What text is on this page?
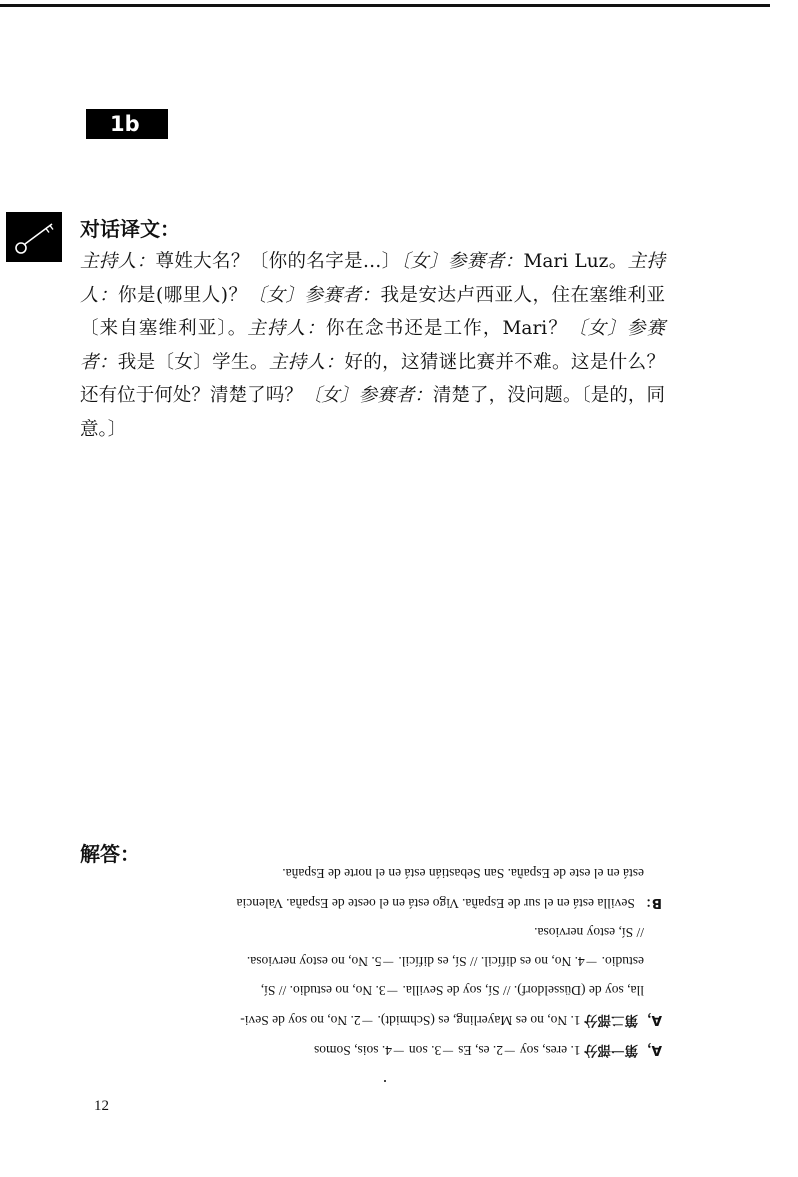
1b
对话译文：

主持人：尊姓大名？〔你的名字是…〕〔女〕参赛者：Mari Luz。主持人：你是(哪里人)？〔女〕参赛者：我是安达卢西亚人，住在塞维利亚〔来自塞维利亚〕。主持人：你在念书还是工作，Mari？〔女〕参赛者：我是〔女〕学生。主持人：好的，这猜谜比赛并不难。这是什么？还有位于何处？清楚了吗？〔女〕参赛者：清楚了，没问题。〔是的，同意。〕

解答：

A，第一部分 1. eres, soy －2. es, Es －3. son －4. sois, Somos

A，第二部分 1. No, no es Mayerling, es (Schmidt). －2. No, no soy de Sevi-

lla, soy de (Düsseldorf). // Sí, soy de Sevilla. －3. No, no estudio. // Sí,

estudio. －4. No, no es difícil. // Sí, es difícil. －5. No, no estoy nerviosa.

// Sí, estoy nerviosa.

B： Sevilla está en el sur de España. Vigo está en el oeste de España. Valencia

está en el este de España. San Sebastián está en el norte de España.

12
